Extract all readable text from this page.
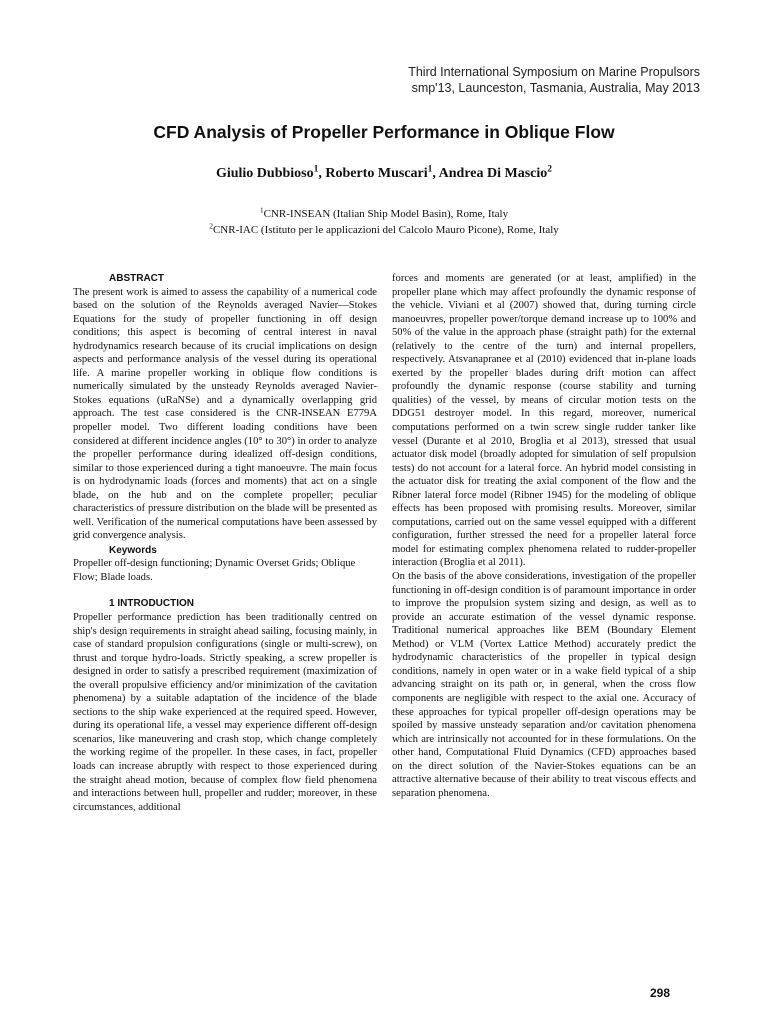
Third International Symposium on Marine Propulsors
smp'13, Launceston, Tasmania, Australia, May 2013
CFD Analysis of Propeller Performance in Oblique Flow
Giulio Dubbioso$^1$, Roberto Muscari$^1$, Andrea Di Mascio$^2$
$^1$CNR-INSEAN (Italian Ship Model Basin), Rome, Italy
$^2$CNR-IAC (Istituto per le applicazioni del Calcolo Mauro Picone), Rome, Italy
ABSTRACT

The present work is aimed to assess the capability of a numerical code based on the solution of the Reynolds averaged Navier—Stokes Equations for the study of propeller functioning in off design conditions; this aspect is becoming of central interest in naval hydrodynamics research because of its crucial implications on design aspects and performance analysis of the vessel during its operational life. A marine propeller working in oblique flow conditions is numerically simulated by the unsteady Reynolds averaged Navier-Stokes equations (uRaNSe) and a dynamically overlapping grid approach. The test case considered is the CNR-INSEAN E779A propeller model. Two different loading conditions have been considered at different incidence angles (10° to 30°) in order to analyze the propeller performance during idealized off-design conditions, similar to those experienced during a tight manoeuvre. The main focus is on hydrodynamic loads (forces and moments) that act on a single blade, on the hub and on the complete propeller; peculiar characteristics of pressure distribution on the blade will be presented as well. Verification of the numerical computations have been assessed by grid convergence analysis.

Keywords

Propeller off-design functioning; Dynamic Overset Grids; Oblique Flow; Blade loads.

1 INTRODUCTION

Propeller performance prediction has been traditionally centred on ship's design requirements in straight ahead sailing, focusing mainly, in case of standard propulsion configurations (single or multi-screw), on thrust and torque hydro-loads. Strictly speaking, a screw propeller is designed in order to satisfy a prescribed requirement (maximization of the overall propulsive efficiency and/or minimization of the cavitation phenomena) by a suitable adaptation of the incidence of the blade sections to the ship wake experienced at the required speed. However, during its operational life, a vessel may experience different off-design scenarios, like maneuvering and crash stop, which change completely the working regime of the propeller. In these cases, in fact, propeller loads can increase abruptly with respect to those experienced during the straight ahead motion, because of complex flow field phenomena and interactions between hull, propeller and rudder; moreover, in these circumstances, additional

forces and moments are generated (or at least, amplified) in the propeller plane which may affect profoundly the dynamic response of the vehicle. Viviani et al (2007) showed that, during turning circle manoeuvres, propeller power/torque demand increase up to 100% and 50% of the value in the approach phase (straight path) for the external (relatively to the centre of the turn) and internal propellers, respectively. Atsvanapranee et al (2010) evidenced that in-plane loads exerted by the propeller blades during drift motion can affect profoundly the dynamic response (course stability and turning qualities) of the vessel, by means of circular motion tests on the DDG51 destroyer model. In this regard, moreover, numerical computations performed on a twin screw single rudder tanker like vessel (Durante et al 2010, Broglia et al 2013), stressed that usual actuator disk model (broadly adopted for simulation of self propulsion tests) do not account for a lateral force. An hybrid model consisting in the actuator disk for treating the axial component of the flow and the Ribner lateral force model (Ribner 1945) for the modeling of oblique effects has been proposed with promising results. Moreover, similar computations, carried out on the same vessel equipped with a different configuration, further stressed the need for a propeller lateral force model for estimating complex phenomena related to rudder-propeller interaction (Broglia et al 2011).

On the basis of the above considerations, investigation of the propeller functioning in off-design condition is of paramount importance in order to improve the propulsion system sizing and design, as well as to provide an accurate estimation of the vessel dynamic response. Traditional numerical approaches like BEM (Boundary Element Method) or VLM (Vortex Lattice Method) accurately predict the hydrodynamic characteristics of the propeller in typical design conditions, namely in open water or in a wake field typical of a ship advancing straight on its path or, in general, when the cross flow components are negligible with respect to the axial one. Accuracy of these approaches for typical propeller off-design operations may be spoiled by massive unsteady separation and/or cavitation phenomena which are intrinsically not accounted for in these formulations. On the other hand, Computational Fluid Dynamics (CFD) approaches based on the direct solution of the Navier-Stokes equations can be an attractive alternative because of their ability to treat viscous effects and separation phenomena.

298
